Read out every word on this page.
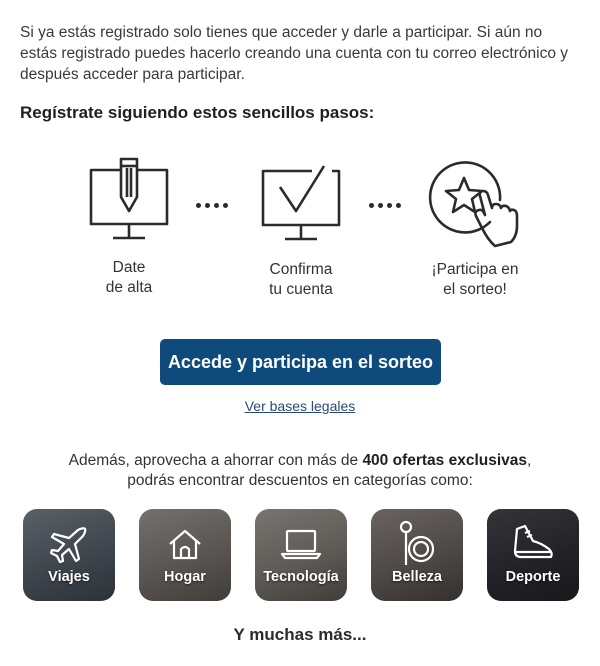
Si ya estás registrado solo tienes que acceder y darle a participar. Si aún no estás registrado puedes hacerlo creando una cuenta con tu correo electrónico y después acceder para participar.

Regístrate siguiendo estos sencillos pasos:
Date
de alta
Confirma
tu cuenta
¡Participa en
el sorteo!
Accede y participa en el sorteo
Ver bases legales
Además, aprovecha a ahorrar con más de 400 ofertas exclusivas,
podrás encontrar descuentos en categorías como:
Viajes	Hogar	Tecnología	Belleza	Deporte
Y muchas más...
